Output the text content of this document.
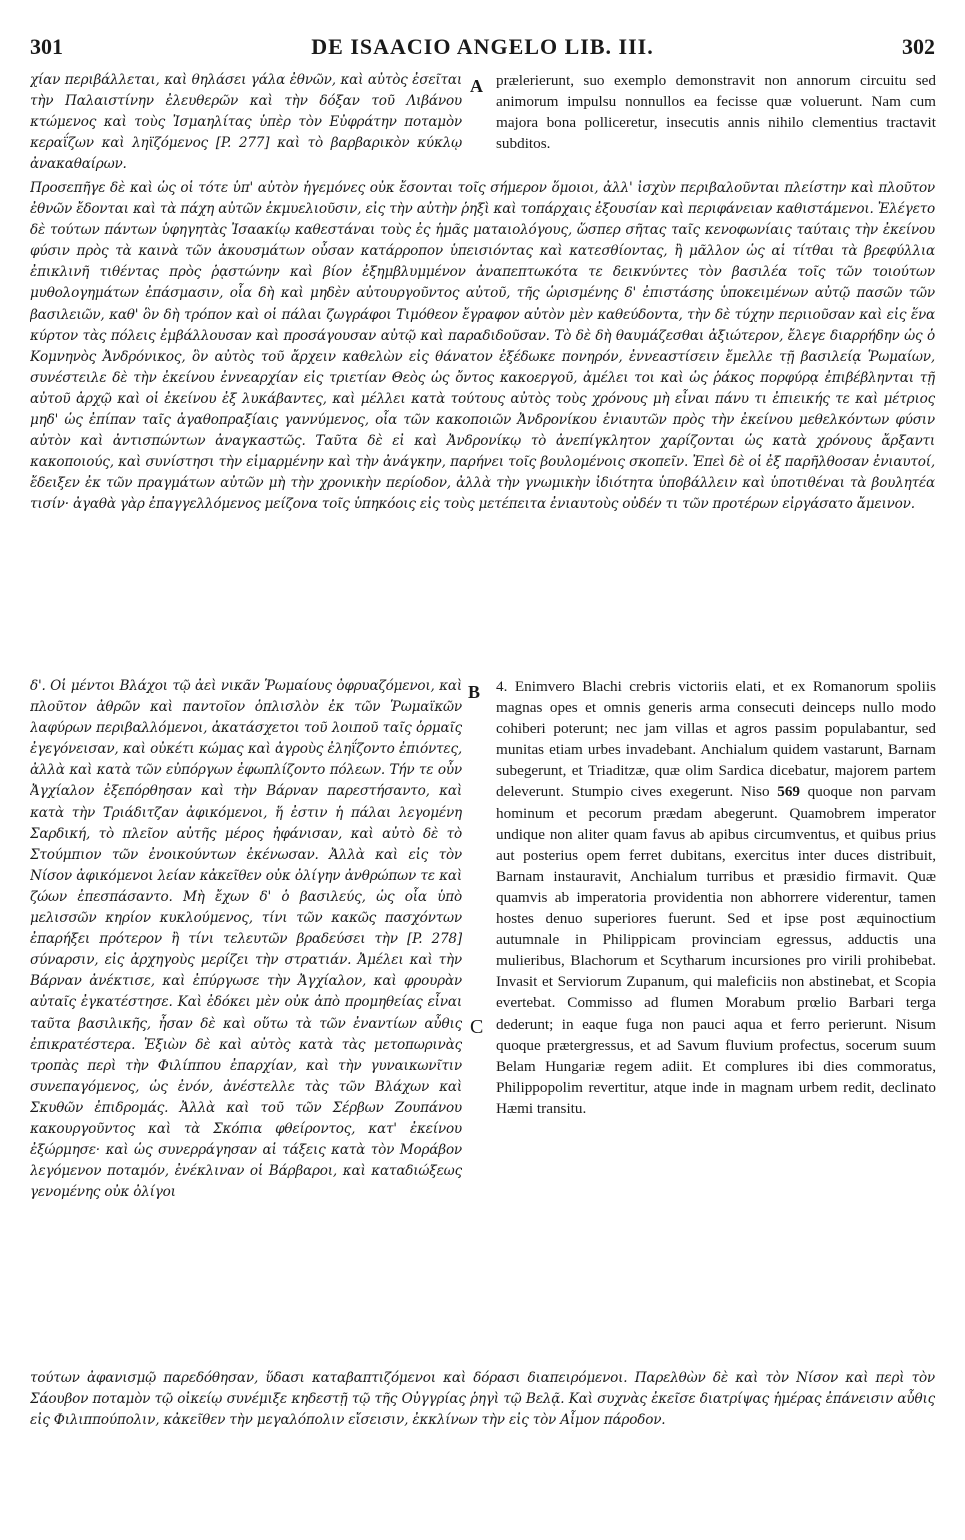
301	DE ISAACIO ANGELO LIB. III.	302

χίαν περιβάλλεται, καὶ θηλάσει γάλα ἐθνῶν, καὶ αὐτὸς ἐσεῖται τὴν Παλαιστίνην ἐλευθερῶν καὶ τὴν δόξαν τοῦ Λιβάνου κτώμενος καὶ τοὺς Ἰσμαηλίτας ὑπὲρ τὸν Εὐφράτην ποταμὸν κεραΐζων καὶ ληϊζόμενος [P. 277] καὶ τὸ βαρβαρικὸν κύκλῳ ἀνακαθαίρων.

A prælerierunt, suo exemplo demonstravit non annorum circuitu sed animorum impulsu nonnullos ea fecisse quæ voluerunt. Nam cum majora bona polliceretur, insecutis annis nihilo clementius tractavit subditos.

Προσεπῆγε δὲ καὶ ὡς οἱ τότε ὑπ' αὐτὸν ἡγεμόνες οὐκ ἔσονται τοῖς σήμερον ὅμοιοι, ἀλλ' ἰσχὺν περιβαλοῦνται πλείστην καὶ πλοῦτον ἐθνῶν ἔδονται καὶ τὰ πάχη αὐτῶν ἐκμυελιοῦσιν, εἰς τὴν αὐτὴν ῥηξὶ καὶ τοπάρχαις ἐξουσίαν καὶ περιφάνειαν καθιστάμενοι. Ἐλέγετο δὲ τούτων πάντων ὑφηγητὰς Ἰσαακίῳ καθεστάναι τοὺς ἐς ἡμᾶς ματαιολόγους, ὥσπερ σῆτας ταῖς κενοφωνίαις ταύταις τὴν ἐκείνου φύσιν πρὸς τὰ καινὰ τῶν ἀκουσμάτων οὖσαν κατάρροπον ὑπεισιόντας καὶ κατεσθίοντας, ἢ μᾶλλον ὡς αἱ τίτθαι τὰ βρεφύλλια ἐπικλινῆ τιθέντας πρὸς ῥᾳστώνην καὶ βίον ἐξημβλυμμένον ἀναπεπτωκότα τε δεικνύντες τὸν βασιλέα τοῖς τῶν τοιούτων μυθολογημάτων ἐπάσμασιν, οἷα δὴ καὶ μηδὲν αὐτουργοῦντος αὐτοῦ, τῆς ὡρισμένης δ' ἐπιστάσης ὑποκειμένων αὐτῷ πασῶν τῶν βασιλειῶν, καθ' ὃν δὴ τρόπον καὶ οἱ πάλαι ζωγράφοι Τιμόθεον ἔγραφον αὐτὸν μὲν καθεύδοντα, τὴν δὲ τύχην περιιοῦσαν καὶ εἰς ἕνα κύρτον τὰς πόλεις ἐμβάλλουσαν καὶ προσάγουσαν αὐτῷ καὶ παραδιδοῦσαν. Τὸ δὲ δὴ θαυμάζεσθαι ἀξιώτερον, ἔλεγε διαρρήδην ὡς ὁ Κομνηνὸς Ἀνδρόνικος, ὃν αὐτὸς τοῦ ἄρχειν καθελὼν εἰς θάνατον ἐξέδωκε πονηρόν, ἐννεαστίσειν ἔμελλε τῇ βασιλείᾳ Ῥωμαίων, συνέστειλε δὲ τὴν ἐκείνου ἐννεαρχίαν εἰς τριετίαν Θεὸς ὡς ὄντος κακοεργοῦ, ἀμέλει τοι καὶ ὡς ῥάκος πορφύρᾳ ἐπιβέβληνται τῇ αὐτοῦ ἀρχῷ καὶ οἱ ἐκείνου ἐξ λυκάβαντες, καὶ μέλλει κατὰ τούτους αὐτὸς τοὺς χρόνους μὴ εἶναι πάνυ τι ἐπιεικής τε καὶ μέτριος μηδ' ὡς ἐπίπαν ταῖς ἀγαθοπραξίαις γαννύμενος, οἷα τῶν κακοποιῶν Ἀνδρονίκου ἐνιαυτῶν πρὸς τὴν ἐκείνου μεθελκόντων φύσιν αὐτὸν καὶ ἀντισπώντων ἀναγκαστῶς. Ταῦτα δὲ εἰ καὶ Ἀνδρονίκῳ τὸ ἀνεπίγκλητον χαρίζονται ὡς κατὰ χρόνους ἄρξαντι κακοποιούς, καὶ συνίστησι τὴν εἱμαρμένην καὶ τὴν ἀνάγκην, παρήνει τοῖς βουλομένοις σκοπεῖν. Ἐπεὶ δὲ οἱ ἐξ παρῆλθοσαν ἐνιαυτοί, ἔδειξεν ἐκ τῶν πραγμάτων αὐτῶν μὴ τὴν χρονικὴν περίοδον, ἀλλὰ τὴν γνωμικὴν ἰδιότητα ὑποβάλλειν καὶ ὑποτιθέναι τὰ βουλητέα τισίν· ἀγαθὰ γὰρ ἐπαγγελλόμενος μείζονα τοῖς ὑπηκόοις εἰς τοὺς μετέπειτα ἐνιαυτοὺς οὐδέν τι τῶν προτέρων εἰργάσατο ἄμεινον.

δ'. Οἱ μέντοι Βλάχοι τῷ ἀεὶ νικᾶν Ῥωμαίους ὀφρυαζόμενοι, καὶ πλοῦτον ἀθρῶν καὶ παντοῖον ὁπλισλὸν ἐκ τῶν Ῥωμαϊκῶν λαφύρων περιβαλλόμενοι, ἀκατάσχετοι τοῦ λοιποῦ ταῖς ὁρμαῖς ἐγεγόνεισαν, καὶ οὐκέτι κώμας καὶ ἀγροὺς ἐληΐζοντο ἐπιόντες, ἀλλὰ καὶ κατὰ τῶν εὐπόργων ἐφωπλίζοντο πόλεων. Τήν τε οὖν Ἀγχίαλον ἐξεπόρθησαν καὶ τὴν Βάρναν παρεστήσαντο, καὶ κατὰ τὴν Τριάδιτζαν ἀφικόμενοι, ἥ ἐστιν ἡ πάλαι λεγομένη Σαρδική, τὸ πλεῖον αὐτῆς μέρος ἠφάνισαν, καὶ αὐτὸ δὲ τὸ Στούμπιον τῶν ἐνοικούντων ἐκένωσαν. Ἀλλὰ καὶ εἰς τὸν Νίσον ἀφικόμενοι λείαν κἀκεῖθεν οὐκ ὀλίγην ἀνθρώπων τε καὶ ζώων ἐπεσπάσαντο. Μὴ ἔχων δ' ὁ βασιλεύς, ὡς οἷα ὑπὸ μελισσῶν κηρίον κυκλούμενος, τίνι τῶν κακῶς πασχόντων ἐπαρήξει πρότερον ἢ τίνι τελευτῶν βραδεύσει τὴν [P. 278] σύναρσιν, εἰς ἀρχηγοὺς μερίζει τὴν στρατιάν. Ἀμέλει καὶ τὴν Βάρναν ἀνέκτισε, καὶ ἐπύργωσε τὴν Ἀγχίαλον, καὶ φρουρὰν αὐταῖς ἐγκατέστησε. Καὶ ἐδόκει μὲν οὐκ ἀπὸ προμηθείας εἶναι ταῦτα βασιλικῆς, ἦσαν δὲ καὶ οὕτω τὰ τῶν ἐναντίων αὖθις ἐπικρατέστερα. Ἐξιὼν δὲ καὶ αὐτὸς κατὰ τὰς μετοπωρινὰς τροπὰς περὶ τὴν Φιλίππου ἐπαρχίαν, καὶ τὴν γυναικωνῖτιν συνεπαγόμενος, ὡς ἐνόν, ἀνέστελλε τὰς τῶν Βλάχων καὶ Σκυθῶν ἐπιδρομάς. Ἀλλὰ καὶ τοῦ τῶν Σέρβων Ζουπάνου κακουργοῦντος καὶ τὰ Σκόπια φθείροντος, κατ' ἐκείνου ἐξώρμησε· καὶ ὡς συνερράγησαν αἱ τάξεις κατὰ τὸν Μοράβον λεγόμενον ποταμόν, ἐνέκλιναν οἱ Βάρβαροι, καὶ καταδιώξεως γενομένης οὐκ ὀλίγοι

B
C

4. Enimvero Blachi crebris victoriis elati, et ex Romanorum spoliis magnas opes et omnis generis arma consecuti deinceps nullo modo cohiberi poterunt; nec jam villas et agros passim populabantur, sed munitas etiam urbes invadebant. Anchialum quidem vastarunt, Barnam subegerunt, et Triaditzæ, quæ olim Sardica dicebatur, majorem partem deleverunt. Stumpio cives exegerunt. Niso 569 quoque non parvam hominum et pecorum prædam abegerunt. Quamobrem imperator undique non aliter quam favus ab apibus circumventus, et quibus prius aut posterius opem ferret dubitans, exercitus inter duces distribuit, Barnam instauravit, Anchialum turribus et præsidio firmavit. Quæ quamvis ab imperatoria providentia non abhorrere viderentur, tamen hostes denuo superiores fuerunt. Sed et ipse post æquinoctium autumnale in Philippicam provinciam egressus, adductis una mulieribus, Blachorum et Scytharum incursiones pro virili prohibebat. Invasit et Serviorum Zupanum, qui maleficiis non abstinebat, et Scopia evertebat. Commisso ad flumen Morabum prœlio Barbari terga dederunt; in eaque fuga non pauci aqua et ferro perierunt. Nisum quoque prætergressus, et ad Savum fluvium profectus, socerum suum Belam Hungariæ regem adiit. Et complures ibi dies commoratus, Philippopolim revertitur, atque inde in magnam urbem redit, declinato Hæmi transitu.

τούτων ἀφανισμῷ παρεδόθησαν, ὕδασι καταβαπτιζόμενοι καὶ δόρασι διαπειρόμενοι. Παρελθὼν δὲ καὶ τὸν Νίσον καὶ περὶ τὸν Σάουβον ποταμὸν τῷ οἰκείῳ συνέμιξε κηδεστῇ τῷ τῆς Οὐγγρίας ῥηγὶ τῷ Βελᾷ. Καὶ συχνὰς ἐκεῖσε διατρίψας ἡμέρας ἐπάνεισιν αὖθις εἰς Φιλιππούπολιν, κἀκεῖθεν τὴν μεγαλόπολιν εἴσεισιν, ἐκκλίνων τὴν εἰς τὸν Αἶμον πάροδον.
